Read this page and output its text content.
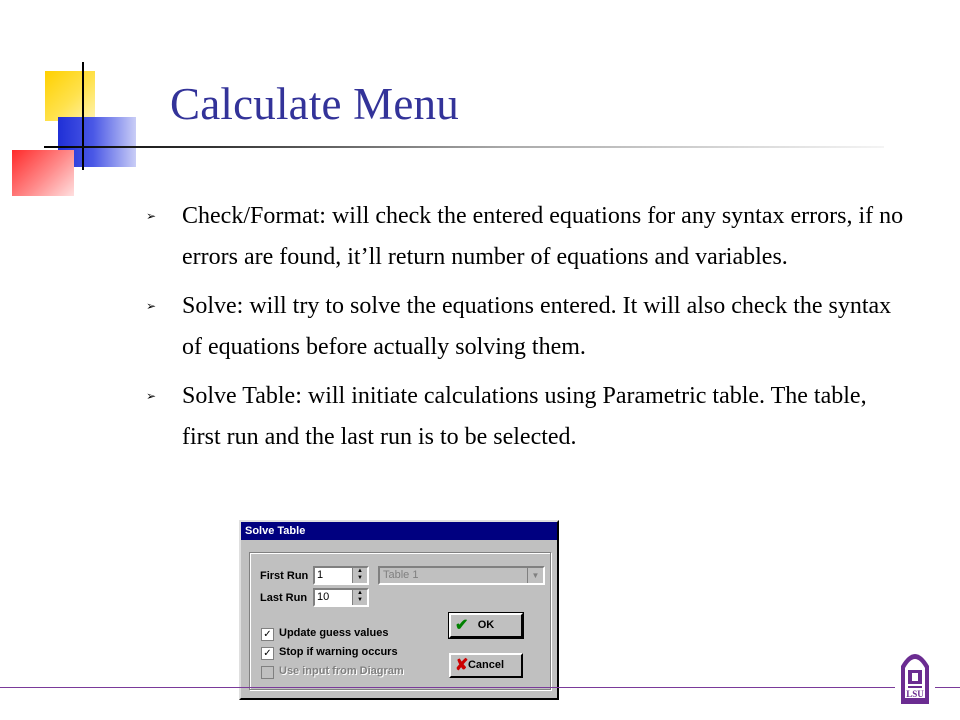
Calculate Menu
➢ Check/Format: will check the entered equations for any syntax errors, if no errors are found, it’ll return number of equations and variables.
➢ Solve: will try to solve the equations entered. It will also check the syntax of equations before actually solving them.
➢ Solve Table: will initiate calculations using Parametric table. The table, first run and the last run is to be selected.
Solve Table
First Run 1	▲
▼	Table 1	▼
Last Run 10	▲
▼
✓ Update guess values
✓ Stop if warning occurs
Use input from Diagram
✔ OK
✘ Cancel
LSU
